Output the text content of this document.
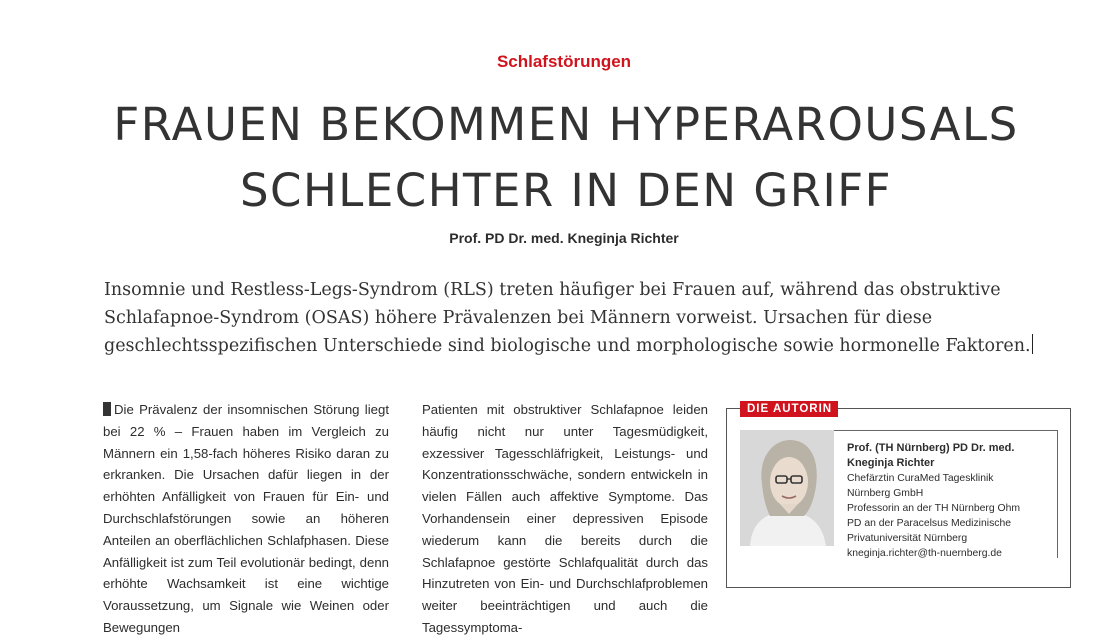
Schlafstörungen
FRAUEN BEKOMMEN HYPERAROUSALS
SCHLECHTER IN DEN GRIFF
Prof. PD Dr. med. Kneginja Richter

Insomnie und Restless-Legs-Syndrom (RLS) treten häufiger bei Frauen auf, während das obstruktive Schlafapnoe-Syndrom (OSAS) höhere Prävalenzen bei Männern vorweist. Ursachen für diese geschlechtsspezifischen Unterschiede sind biologische und morphologische sowie hormonelle Faktoren.

Die Prävalenz der insomnischen Störung liegt bei 22 % – Frauen haben im Vergleich zu Männern ein 1,58-fach höheres Risiko daran zu erkranken. Die Ursachen dafür liegen in der erhöhten Anfälligkeit von Frauen für Ein- und Durchschlafstörungen sowie an höheren Anteilen an oberflächlichen Schlafphasen. Diese Anfälligkeit ist zum Teil evolutionär bedingt, denn erhöhte Wachsamkeit ist eine wichtige Voraussetzung, um Signale wie Weinen oder Bewegungen

Patienten mit obstruktiver Schlafapnoe leiden häufig nicht nur unter Tagesmüdigkeit, exzessiver Tagesschläfrigkeit, Leistungs- und Konzentrationsschwäche, sondern entwickeln in vielen Fällen auch affektive Symptome. Das Vorhandensein einer depressiven Episode wiederum kann die bereits durch die Schlafapnoe gestörte Schlafqualität durch das Hinzutreten von Ein- und Durchschlafproblemen weiter beeinträchtigen und auch die Tagessymptoma-

DIE AUTORIN
Prof. (TH Nürnberg) PD Dr. med. Kneginja Richter
Chefärztin CuraMed Tagesklinik
Nürnberg GmbH
Professorin an der TH Nürnberg Ohm
PD an der Paracelsus Medizinische
Privatuniversität Nürnberg
kneginja.richter@th-nuernberg.de
